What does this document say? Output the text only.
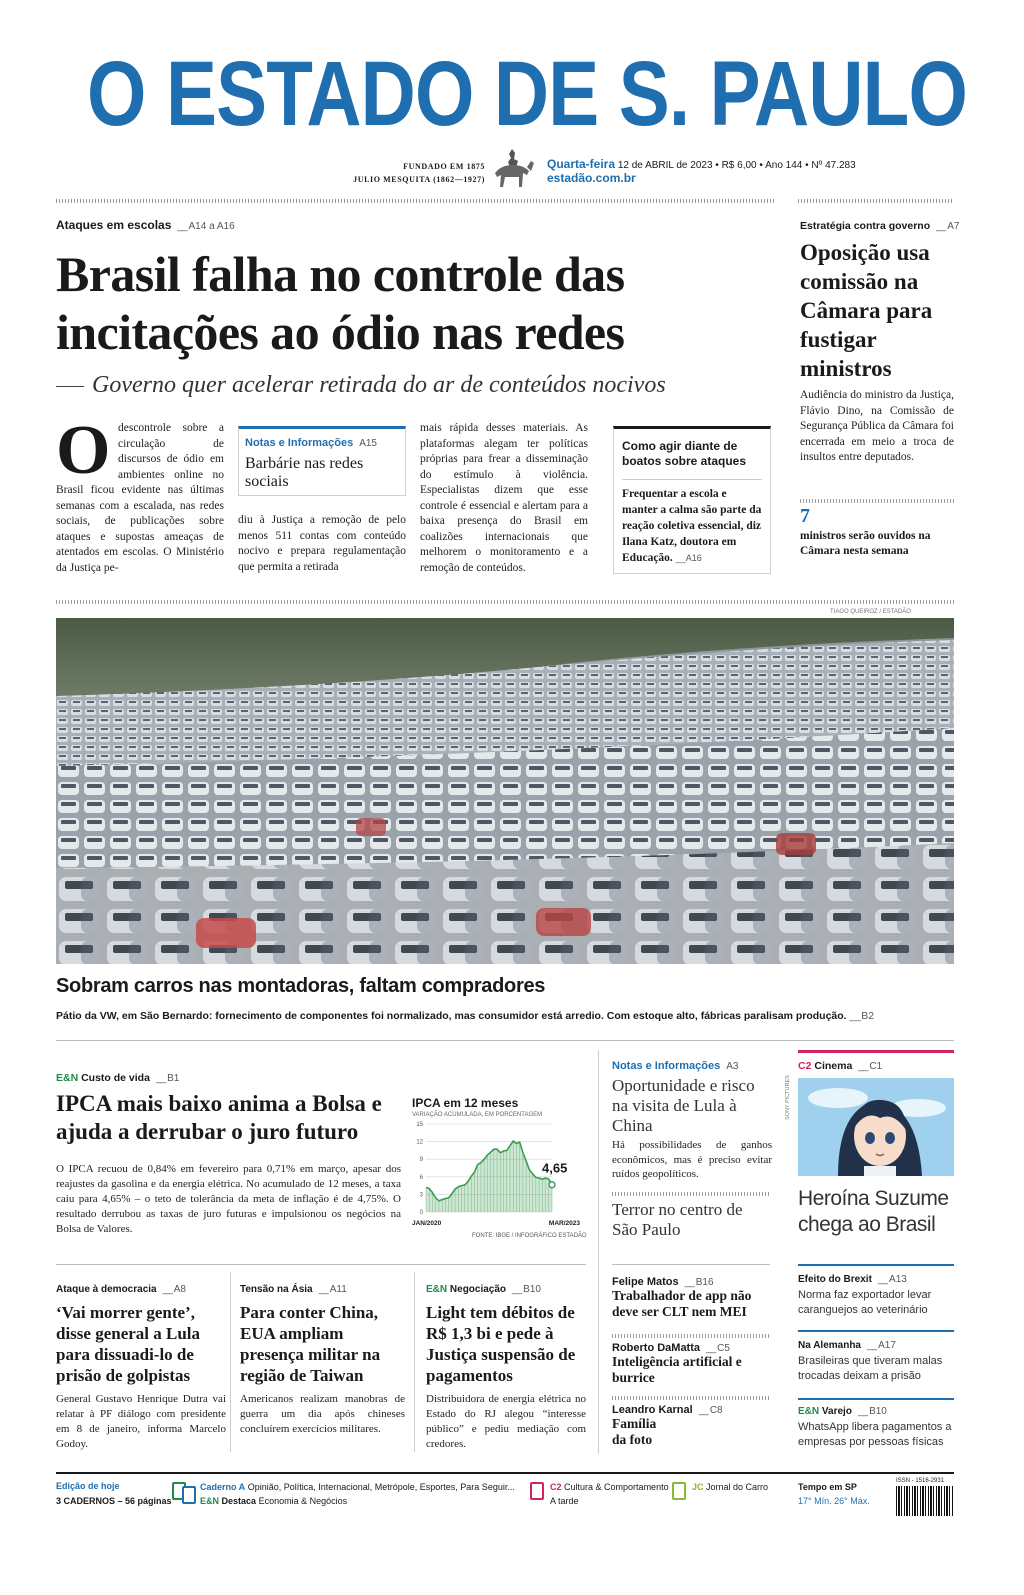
O ESTADO DE S. PAULO
FUNDADO EM 1875
JULIO MESQUITA (1862—1927)
Quarta-feira 12 de ABRIL de 2023 • R$ 6,00 • Ano 144 • Nº 47.283
estadão.com.br
Ataques em escolas __ A14 a A16
Brasil falha no controle das incitações ao ódio nas redes
Governo quer acelerar retirada do ar de conteúdos nocivos
O descontrole sobre a circulação de discursos de ódio em ambientes online no Brasil ficou evidente nas últimas semanas com a escalada, nas redes sociais, de publicações sobre ataques e supostas ameaças de atentados em escolas. O Ministério da Justiça pe-
Notas e Informações A15
Barbárie nas redes sociais
diu à Justiça a remoção de pelo menos 511 contas com conteúdo nocivo e prepara regulamentação que permita a retirada
mais rápida desses materiais. As plataformas alegam ter políticas próprias para frear a disseminação do estímulo à violência. Especialistas dizem que esse controle é essencial e alertam para a baixa presença do Brasil em coalizões internacionais que melhorem o monitoramento e a remoção de conteúdos.
Como agir diante de boatos sobre ataques
Frequentar a escola e manter a calma são parte da reação coletiva essencial, diz Ilana Katz, doutora em Educação. __A16
Estratégia contra governo __ A7
Oposição usa comissão na Câmara para fustigar ministros
Audiência do ministro da Justiça, Flávio Dino, na Comissão de Segurança Pública da Câmara foi encerrada em meio a troca de insultos entre deputados.
7
ministros serão ouvidos na Câmara nesta semana
TIAGO QUEIROZ / ESTADÃO
Sobram carros nas montadoras, faltam compradores
Pátio da VW, em São Bernardo: fornecimento de componentes foi normalizado, mas consumidor está arredio. Com estoque alto, fábricas paralisam produção. __B2
E&N Custo de vida __ B1
IPCA mais baixo anima a Bolsa e ajuda a derrubar o juro futuro
O IPCA recuou de 0,84% em fevereiro para 0,71% em março, apesar dos reajustes da gasolina e da energia elétrica. No acumulado de 12 meses, a taxa caiu para 4,65% – o teto de tolerância da meta de inflação é de 4,75%. O resultado derrubou as taxas de juro futuras e impulsionou os negócios na Bolsa de Valores.
IPCA em 12 meses
VARIAÇÃO ACUMULADA, EM PORCENTAGEM
0
3
6
9
12
15
4,65
JAN/2020	MAR/2023
FONTE: IBGE / INFOGRÁFICO ESTADÃO
Notas e Informações A3
Oportunidade e risco na visita de Lula à China
Há possibilidades de ganhos econômicos, mas é preciso evitar ruídos geopolíticos.
Terror no centro de São Paulo
C2 Cinema __ C1
SONY PICTURES
Heroína Suzume chega ao Brasil
Ataque à democracia __ A8
‘Vai morrer gente’, disse general a Lula para dissuadi-lo de prisão de golpistas
General Gustavo Henrique Dutra vai relatar à PF diálogo com presidente em 8 de janeiro, informa Marcelo Godoy.
Tensão na Ásia __ A11
Para conter China, EUA ampliam presença militar na região de Taiwan
Americanos realizam manobras de guerra um dia após chineses concluírem exercícios militares.
E&N Negociação __ B10
Light tem débitos de R$ 1,3 bi e pede à Justiça suspensão de pagamentos
Distribuidora de energia elétrica no Estado do RJ alegou “interesse público” e pediu mediação com credores.
Felipe Matos __ B16
Trabalhador de app não deve ser CLT nem MEI
Roberto DaMatta __ C5
Inteligência artificial e burrice
Leandro Karnal __ C8
Família da foto
Efeito do Brexit __ A13
Norma faz exportador levar caranguejos ao veterinário
Na Alemanha __ A17
Brasileiras que tiveram malas trocadas deixam a prisão
E&N Varejo __ B10
WhatsApp libera pagamentos a empresas por pessoas físicas
Edição de hoje
3 CADERNOS – 56 páginas
Caderno A Opinião, Política, Internacional, Metrópole, Esportes, Para Seguir...
E&N Destaca Economia & Negócios
C2 Cultura & Comportamento
A tarde
JC Jornal do Carro	Tempo em SP
17° Mín. 26° Máx.
ISSN - 1516-2931
